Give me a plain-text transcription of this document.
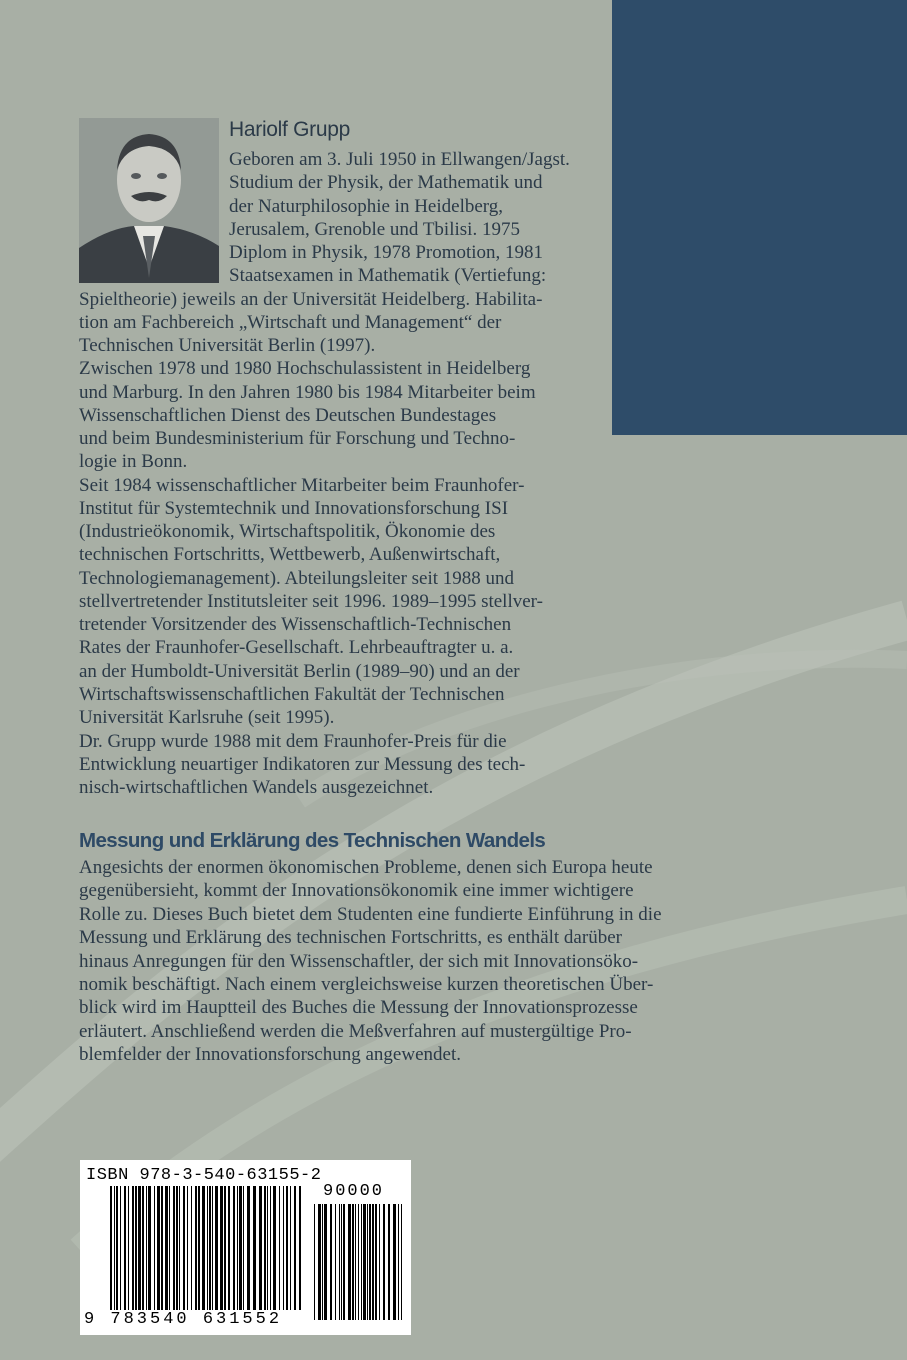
Hariolf Grupp
Geboren am 3. Juli 1950 in Ellwangen/Jagst.
Studium der Physik, der Mathematik und
der Naturphilosophie in Heidelberg,
Jerusalem, Grenoble und Tbilisi. 1975
Diplom in Physik, 1978 Promotion, 1981
Staatsexamen in Mathematik (Vertiefung:
Spieltheorie) jeweils an der Universität Heidelberg. Habilita-
tion am Fachbereich „Wirtschaft und Management“ der
Technischen Universität Berlin (1997).
Zwischen 1978 und 1980 Hochschulassistent in Heidelberg
und Marburg. In den Jahren 1980 bis 1984 Mitarbeiter beim
Wissenschaftlichen Dienst des Deutschen Bundestages
und beim Bundesministerium für Forschung und Techno-
logie in Bonn.
Seit 1984 wissenschaftlicher Mitarbeiter beim Fraunhofer-
Institut für Systemtechnik und Innovationsforschung ISI
(Industrieökonomik, Wirtschaftspolitik, Ökonomie des
technischen Fortschritts, Wettbewerb, Außenwirtschaft,
Technologiemanagement). Abteilungsleiter seit 1988 und
stellvertretender Institutsleiter seit 1996. 1989–1995 stellver-
tretender Vorsitzender des Wissenschaftlich-Technischen
Rates der Fraunhofer-Gesellschaft. Lehrbeauftragter u. a.
an der Humboldt-Universität Berlin (1989–90) und an der
Wirtschaftswissenschaftlichen Fakultät der Technischen
Universität Karlsruhe (seit 1995).
Dr. Grupp wurde 1988 mit dem Fraunhofer-Preis für die
Entwicklung neuartiger Indikatoren zur Messung des tech-
nisch-wirtschaftlichen Wandels ausgezeichnet.
Messung und Erklärung des Technischen Wandels
Angesichts der enormen ökonomischen Probleme, denen sich Europa heute
gegenübersieht, kommt der Innovationsökonomik eine immer wichtigere
Rolle zu. Dieses Buch bietet dem Studenten eine fundierte Einführung in die
Messung und Erklärung des technischen Fortschritts, es enthält darüber
hinaus Anregungen für den Wissenschaftler, der sich mit Innovationsöko-
nomik beschäftigt. Nach einem vergleichsweise kurzen theoretischen Über-
blick wird im Hauptteil des Buches die Messung der Innovationsprozesse
erläutert. Anschließend werden die Meßverfahren auf mustergültige Pro-
blemfelder der Innovationsforschung angewendet.
ISBN 978-3-540-63155-2
90000
9 783540 631552
